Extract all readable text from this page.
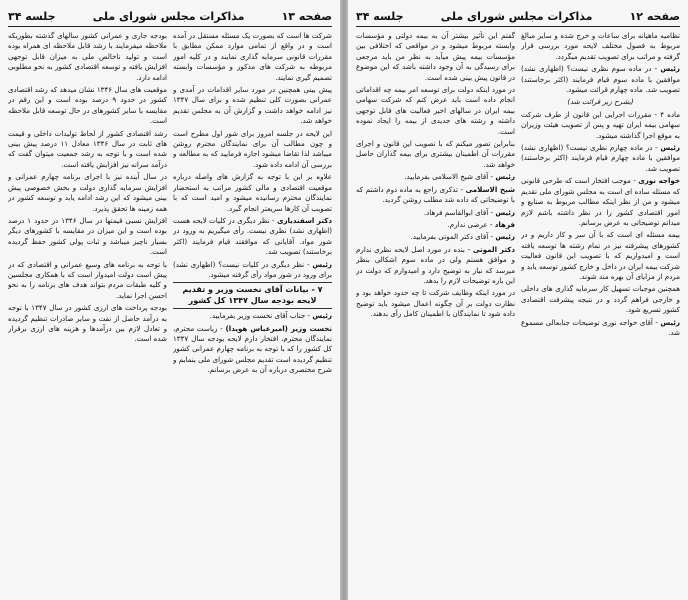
صفحه ۱۳
مذاکرات مجلس شورای ملی
جلسه ۳۴

شرکت ها است که بصورت یک مسئله مستقل در آمده است و در واقع از تمامی موارد ممکن مطابق با مقررات قانونی سرمایه گذاری نمایند و در کلیه امور مربوطه به شرکت های مذکور و مؤسسات وابسته تصمیم گیری نمایند.

پیش بینی همچنین در مورد سایر اقدامات در آمدی و عمرانی بصورت کلی تنظیم شده و برای سال ۱۳۴۷ نیز ادامه خواهد داشت و گزارش آن به مجلس تقدیم خواهد شد.

این لایحه در جلسه امروز برای شور اول مطرح است و چون مطالب آن برای نمایندگان محترم روشن میباشد لذا تقاضا میشود اجازه فرمایید که به مطالعه و بررسی آن ادامه داده شود.

علاوه بر این با توجه به گزارش های واصله درباره موقعیت اقتصادی و مالی کشور مراتب به استحضار نمایندگان محترم رسانیده میشود و امید است که با تصویب آن کارها سریعتر انجام گیرد.

دکتر اسفندیاری - نظر دیگری در کلیات لایحه هست (اظهاری نشد) نظری نیست. رأی میگیریم به ورود در شور مواد. آقایانی که موافقند قیام فرمایند (اکثر برخاستند) تصویب شد.

رئیس - نظر دیگری در کلیات نیست؟ (اظهاری نشد) برای ورود در شور مواد رأی گرفته میشود.

۷ - بیانات آقای نخست وزیر و تقدیم لایحه بودجه سال ۱۳۴۷ کل کشور

رئیس - جناب آقای نخست وزیر بفرمایید.

نخست وزیر (امیرعباس هویدا) - ریاست محترم، نمایندگان محترم، افتخار دارم لایحه بودجه سال ۱۳۴۷ کل کشور را که با توجه به برنامه چهارم عمرانی کشور تنظیم گردیده است تقدیم مجلس شورای ملی بنمایم و شرح مختصری درباره آن به عرض برسانم.

بودجه جاری و عمرانی کشور سالهای گذشته بطوریکه ملاحظه میفرمایند با رشد قابل ملاحظه ای همراه بوده است و تولید ناخالص ملی به میزان قابل توجهی افزایش یافته و توسعه اقتصادی کشور به نحو مطلوبی ادامه دارد.

موقعیت های سال ۱۳۴۶ نشان میدهد که رشد اقتصادی کشور در حدود ۹ درصد بوده است و این رقم در مقایسه با سایر کشورهای در حال توسعه قابل ملاحظه است.

رشد اقتصادی کشور از لحاظ تولیدات داخلی و قیمت های ثابت در سال ۱۳۴۶ معادل ۱۱ درصد پیش بینی شده است و با توجه به رشد جمعیت میتوان گفت که درآمد سرانه نیز افزایش یافته است.

در سال آینده نیز با اجرای برنامه چهارم عمرانی و افزایش سرمایه گذاری دولت و بخش خصوصی پیش بینی میشود که این رشد ادامه یابد و توسعه کشور در همه زمینه ها تحقق پذیرد.

افزایش نسبی قیمتها در سال ۱۳۴۶ در حدود ۱ درصد بوده است و این میزان در مقایسه با کشورهای دیگر بسیار ناچیز میباشد و ثبات پولی کشور حفظ گردیده است.

با توجه به برنامه های وسیع عمرانی و اقتصادی که در پیش است دولت امیدوار است که با همکاری مجلسین و کلیه طبقات مردم بتواند هدف های برنامه را به نحو احسن اجرا نماید.

بودجه پرداخت های ارزی کشور در سال ۱۳۴۷ با توجه به درآمد حاصل از نفت و سایر صادرات تنظیم گردیده و تعادل لازم بین درآمدها و هزینه های ارزی برقرار شده است.

صفحه ۱۲
مذاکرات مجلس شورای ملی
جلسه ۳۴

نظامیه ماهیانه برای ساعات و خرج شده و سایر مبالغ مربوط به فصول مختلف لایحه مورد بررسی قرار گرفته و مراتب برای تصویب تقدیم میگردد.

رئیس - در ماده سوم نظری نیست؟ (اظهاری نشد) موافقین با ماده سوم قیام فرمایند (اکثر برخاستند) تصویب شد. ماده چهارم قرائت میشود.

(بشرح زیر قرائت شد)

ماده ۴ - مقررات اجرایی این قانون از طرف شرکت سهامی بیمه ایران تهیه و پس از تصویب هیئت وزیران به موقع اجرا گذاشته میشود.

رئیس - در ماده چهارم نظری نیست؟ (اظهاری نشد) موافقین با ماده چهارم قیام فرمایند (اکثر برخاستند) تصویب شد.

خواجه نوری - موجب افتخار است که طرحی قانونی که مسئله ساده ای است به مجلس شورای ملی تقدیم میشود و من از نظر اینکه مطالب مربوط به صنایع و امور اقتصادی کشور را در نظر داشته باشم لازم میدانم توضیحاتی به عرض برسانم.

بیمه مسئله ای است که با آن سر و کار داریم و در کشورهای پیشرفته نیز در تمام رشته ها توسعه یافته است و امیدواریم که با تصویب این قانون فعالیت شرکت بیمه ایران در داخل و خارج کشور توسعه یابد و مردم از مزایای آن بهره مند شوند.

همچنین موجبات تسهیل کار سرمایه گذاری های داخلی و خارجی فراهم گردد و در نتیجه پیشرفت اقتصادی کشور تسریع شود.

رئیس - آقای خواجه نوری توضیحات جنابعالی مسموع شد.

گفتم این تأثیر بیشتر آن به بیمه دولتی و مؤسسات وابسته مربوط میشود و در مواقعی که اختلافی بین مؤسسات بیمه پیش میآید به نظر من باید مرجعی برای رسیدگی به آن وجود داشته باشد که این موضوع در قانون پیش بینی شده است.

در مورد اینکه دولت برای توسعه امر بیمه چه اقداماتی انجام داده است باید عرض کنم که شرکت سهامی بیمه ایران در سالهای اخیر فعالیت های قابل توجهی داشته و رشته های جدیدی از بیمه را ایجاد نموده است.

بنابراین تصور میکنم که با تصویب این قانون و اجرای مقررات آن اطمینان بیشتری برای بیمه گذاران حاصل خواهد شد.

رئیس - آقای شیخ الاسلامی بفرمایید.

شیخ الاسلامی - تذکری راجع به ماده دوم داشتم که با توضیحاتی که داده شد مطلب روشن گردید.

رئیس - آقای ابوالقاسم فرهاد.

فرهاد - عرضی ندارم.

رئیس - آقای دکتر الموتی بفرمایید.

دکتر الموتی - بنده در مورد اصل لایحه نظری ندارم و موافق هستم ولی در ماده سوم اشکالی بنظر میرسد که نیاز به توضیح دارد و امیدوارم که دولت در این باره توضیحات لازم را بدهد.

در مورد اینکه وظایف شرکت تا چه حدود خواهد بود و نظارت دولت بر آن چگونه اعمال میشود باید توضیح داده شود تا نمایندگان با اطمینان کامل رأی بدهند.
